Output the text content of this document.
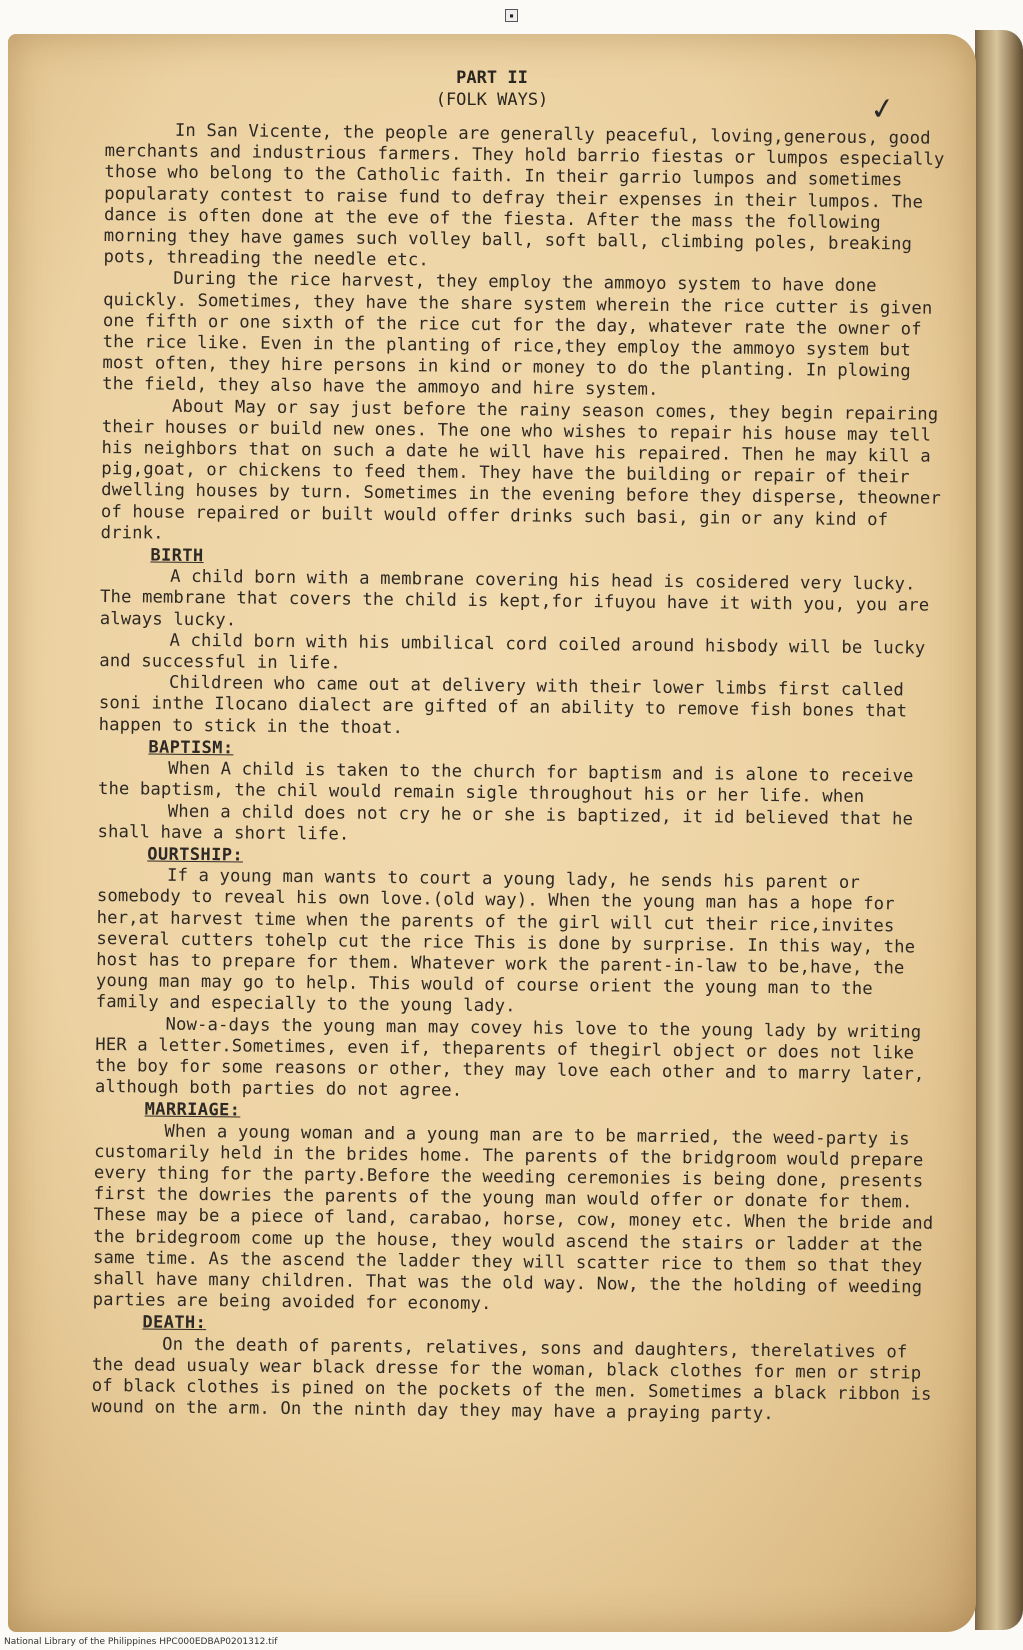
▪
PART II
(FOLK WAYS)	✓

In San Vicente, the people are generally peaceful, loving,generous, good merchants and industrious farmers. They hold barrio fiestas or lumpos especially those who belong to the Catholic faith. In their garrio lumpos and sometimes popularaty contest to raise fund to defray their expenses in their lumpos. The dance is often done at the eve of the fiesta. After the mass the following morning they have games such volley ball, soft ball, climbing poles, breaking pots, threading the needle etc.

During the rice harvest, they employ the ammoyo system to have done quickly. Sometimes, they have the share system wherein the rice cutter is given one fifth or one sixth of the rice cut for the day, whatever rate the owner of the rice like. Even in the planting of rice,they employ the ammoyo system but most often, they hire persons in kind or money to do the planting. In plowing the field, they also have the ammoyo and hire system.

About May or say just before the rainy season comes, they begin repairing their houses or build new ones. The one who wishes to repair his house may tell his neighbors that on such a date he will have his repaired. Then he may kill a pig,goat, or chickens to feed them. They have the building or repair of their dwelling houses by turn. Sometimes in the evening before they disperse, theowner of house repaired or built would offer drinks such basi, gin or any kind of drink.

BIRTH

A child born with a membrane covering his head is cosidered very lucky. The membrane that covers the child is kept,for ifuyou have it with you, you are always lucky.

A child born with his umbilical cord coiled around hisbody will be lucky and successful in life.

Childreen who came out at delivery with their lower limbs first called soni inthe Ilocano dialect are gifted of an ability to remove fish bones that happen to stick in the thoat.

BAPTISM:

When A child is taken to the church for baptism and is alone to receive the baptism, the chil would remain sigle throughout his or her life. when

When a child does not cry he or she is baptized, it id believed that he shall have a short life.

OURTSHIP:

If a young man wants to court a young lady, he sends his parent or somebody to reveal his own love.(old way). When the young man has a hope for her,at harvest time when the parents of the girl will cut their rice,invites several cutters tohelp cut the rice This is done by surprise. In this way, the host has to prepare for them. Whatever work the parent-in-law to be,have, the young man may go to help. This would of course orient the young man to the family and especially to the young lady.

Now-a-days the young man may covey his love to the young lady by writing HER a letter.Sometimes, even if, theparents of thegirl object or does not like the boy for some reasons or other, they may love each other and to marry later, although both parties do not agree.

MARRIAGE:

When a young woman and a young man are to be married, the weed-party is customarily held in the brides home. The parents of the bridgroom would prepare every thing for the party.Before the weeding ceremonies is being done, presents first the dowries the parents of the young man would offer or donate for them. These may be a piece of land, carabao, horse, cow, money etc. When the bride and the bridegroom come up the house, they would ascend the stairs or ladder at the same time. As the ascend the ladder they will scatter rice to them so that they shall have many children. That was the old way. Now, the the holding of weeding parties are being avoided for economy.

DEATH:

On the death of parents, relatives, sons and daughters, therelatives of the dead usualy wear black dresse for the woman, black clothes for men or strip of black clothes is pined on the pockets of the men. Sometimes a black ribbon is wound on the arm. On the ninth day they may have a praying party.

National Library of the Philippines HPC000EDBAP0201312.tif
